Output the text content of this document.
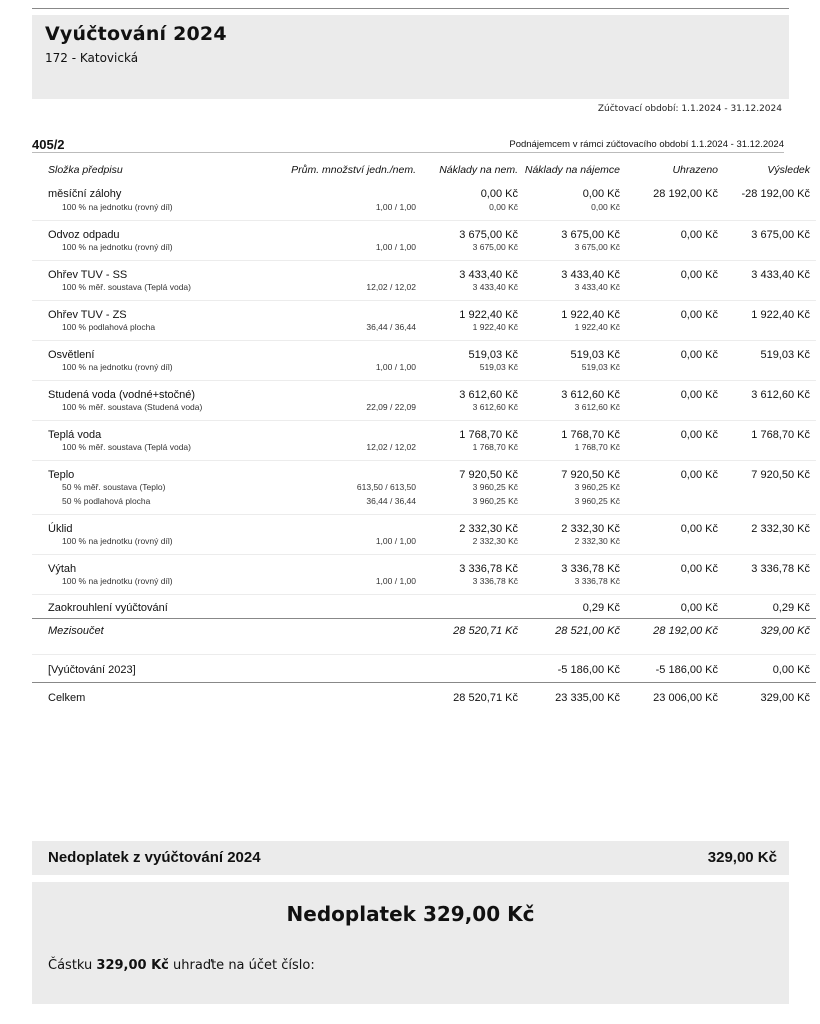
Vyúčtování 2024
172 - Katovická
Zúčtovací období: 1.1.2024 - 31.12.2024
405/2	Podnájemcem v rámci zúčtovacího období 1.1.2024 - 31.12.2024
Složka předpisu	Prům. množství jedn./nem.	Náklady na nem.	Náklady na nájemce	Uhrazeno	Výsledek
měsíční zálohy		0,00 Kč	0,00 Kč	28 192,00 Kč	-28 192,00 Kč
100 % na jednotku (rovný díl)	1,00 / 1,00	0,00 Kč	0,00 Kč		
Odvoz odpadu		3 675,00 Kč	3 675,00 Kč	0,00 Kč	3 675,00 Kč
100 % na jednotku (rovný díl)	1,00 / 1,00	3 675,00 Kč	3 675,00 Kč		
Ohřev TUV - SS		3 433,40 Kč	3 433,40 Kč	0,00 Kč	3 433,40 Kč
100 % měř. soustava (Teplá voda)	12,02 / 12,02	3 433,40 Kč	3 433,40 Kč		
Ohřev TUV - ZS		1 922,40 Kč	1 922,40 Kč	0,00 Kč	1 922,40 Kč
100 % podlahová plocha	36,44 / 36,44	1 922,40 Kč	1 922,40 Kč		
Osvětlení		519,03 Kč	519,03 Kč	0,00 Kč	519,03 Kč
100 % na jednotku (rovný díl)	1,00 / 1,00	519,03 Kč	519,03 Kč		
Studená voda (vodné+stočné)		3 612,60 Kč	3 612,60 Kč	0,00 Kč	3 612,60 Kč
100 % měř. soustava (Studená voda)	22,09 / 22,09	3 612,60 Kč	3 612,60 Kč		
Teplá voda		1 768,70 Kč	1 768,70 Kč	0,00 Kč	1 768,70 Kč
100 % měř. soustava (Teplá voda)	12,02 / 12,02	1 768,70 Kč	1 768,70 Kč		
Teplo		7 920,50 Kč	7 920,50 Kč	0,00 Kč	7 920,50 Kč
50 % měř. soustava (Teplo)	613,50 / 613,50	3 960,25 Kč	3 960,25 Kč		
50 % podlahová plocha	36,44 / 36,44	3 960,25 Kč	3 960,25 Kč		
Úklid		2 332,30 Kč	2 332,30 Kč	0,00 Kč	2 332,30 Kč
100 % na jednotku (rovný díl)	1,00 / 1,00	2 332,30 Kč	2 332,30 Kč		
Výtah		3 336,78 Kč	3 336,78 Kč	0,00 Kč	3 336,78 Kč
100 % na jednotku (rovný díl)	1,00 / 1,00	3 336,78 Kč	3 336,78 Kč		
Zaokrouhlení vyúčtování			0,29 Kč	0,00 Kč	0,29 Kč
Mezisoučet		28 520,71 Kč	28 521,00 Kč	28 192,00 Kč	329,00 Kč
[Vyúčtování 2023]			-5 186,00 Kč	-5 186,00 Kč	0,00 Kč
Celkem		28 520,71 Kč	23 335,00 Kč	23 006,00 Kč	329,00 Kč
Nedoplatek z vyúčtování 2024	329,00 Kč
Nedoplatek 329,00 Kč
Částku 329,00 Kč uhraďte na účet číslo:
